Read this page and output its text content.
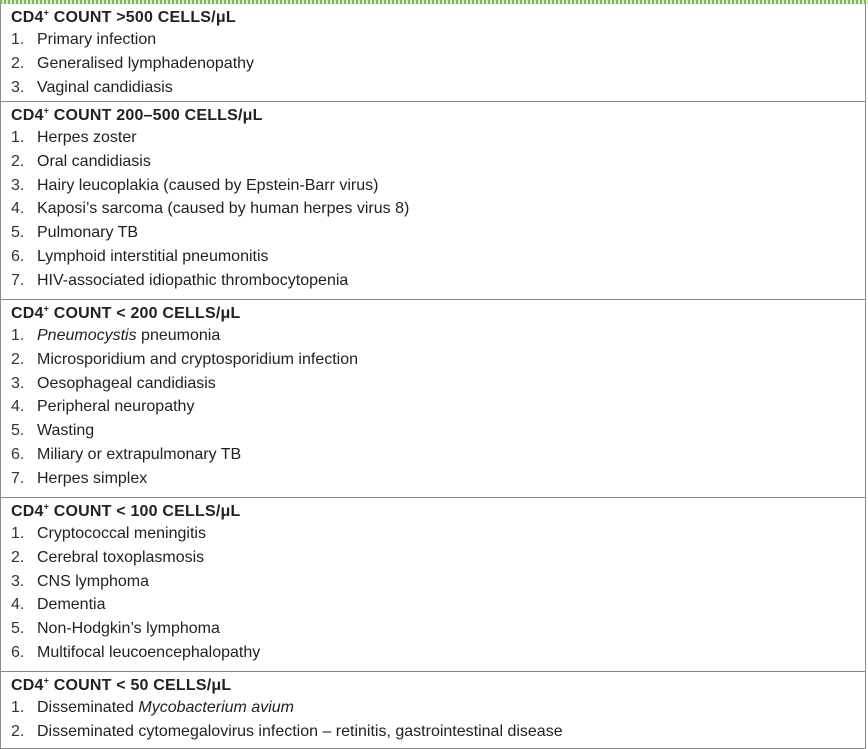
CD4+ COUNT >500 CELLS/μL
1. Primary infection
2. Generalised lymphadenopathy
3. Vaginal candidiasis
CD4+ COUNT 200–500 CELLS/μL
1. Herpes zoster
2. Oral candidiasis
3. Hairy leucoplakia (caused by Epstein-Barr virus)
4. Kaposi’s sarcoma (caused by human herpes virus 8)
5. Pulmonary TB
6. Lymphoid interstitial pneumonitis
7. HIV-associated idiopathic thrombocytopenia
CD4+ COUNT < 200 CELLS/μL
1. Pneumocystis pneumonia
2. Microsporidium and cryptosporidium infection
3. Oesophageal candidiasis
4. Peripheral neuropathy
5. Wasting
6. Miliary or extrapulmonary TB
7. Herpes simplex
CD4+ COUNT < 100 CELLS/μL
1. Cryptococcal meningitis
2. Cerebral toxoplasmosis
3. CNS lymphoma
4. Dementia
5. Non-Hodgkin’s lymphoma
6. Multifocal leucoencephalopathy
CD4+ COUNT < 50 CELLS/μL
1. Disseminated Mycobacterium avium
2. Disseminated cytomegalovirus infection – retinitis, gastrointestinal disease
